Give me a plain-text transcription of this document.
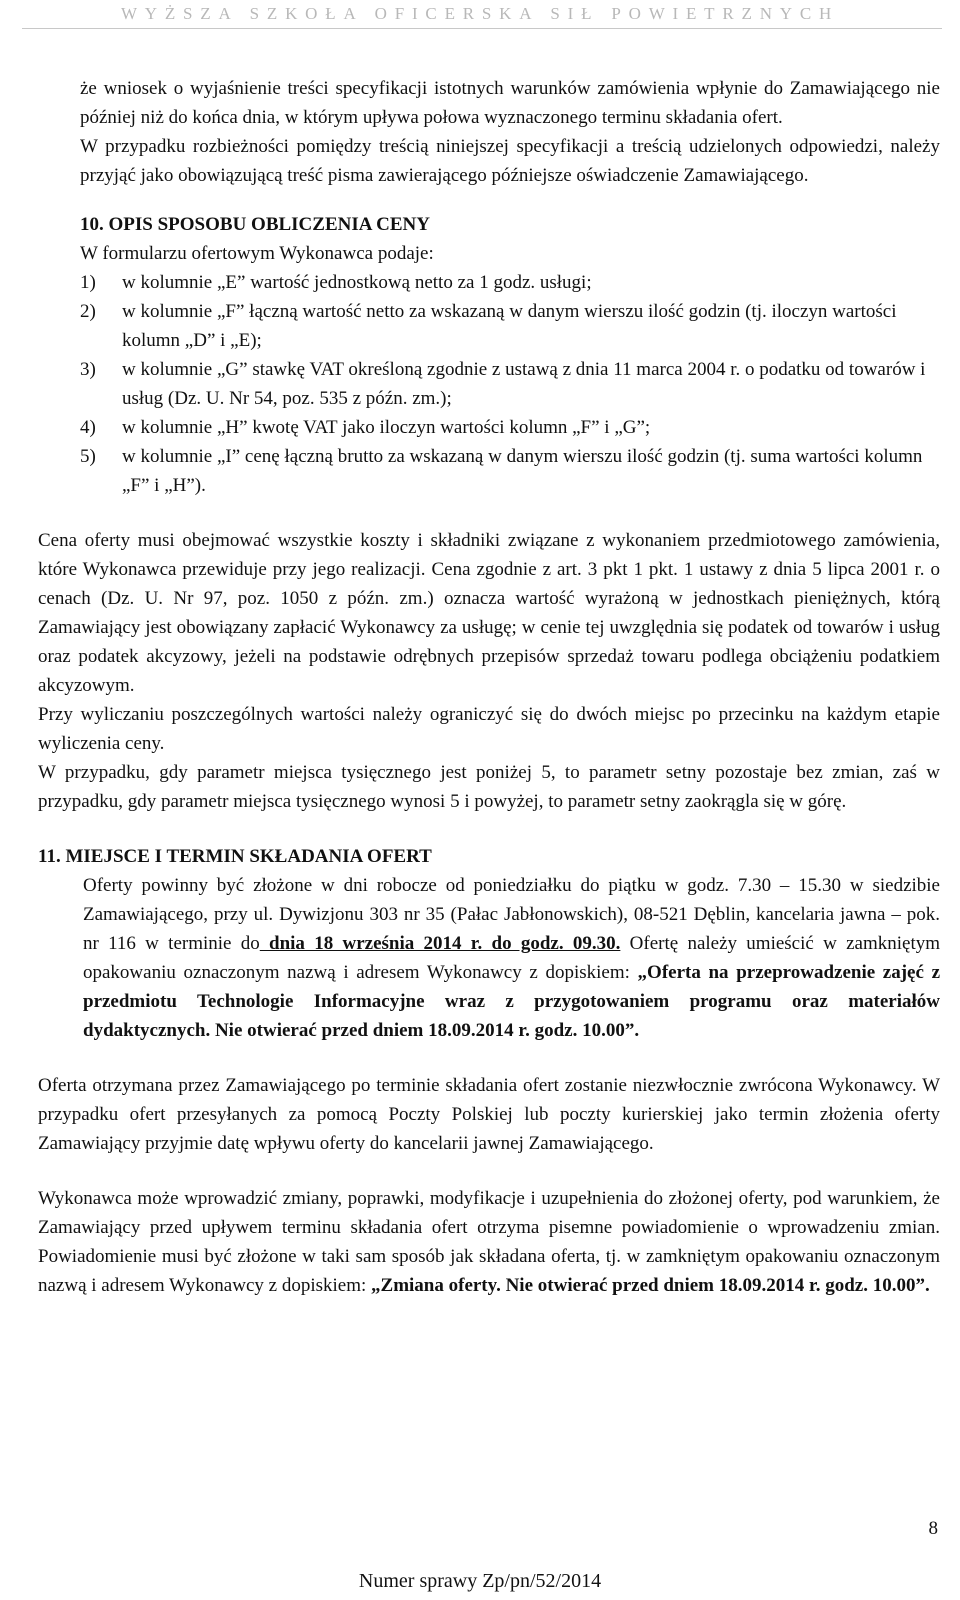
WYŻSZA SZKOŁA OFICERSKA SIŁ POWIETRZNYCH

że wniosek o wyjaśnienie treści specyfikacji istotnych warunków zamówienia wpłynie do Zamawiającego nie później niż do końca dnia, w którym upływa połowa wyznaczonego terminu składania ofert.

W przypadku rozbieżności pomiędzy treścią niniejszej specyfikacji a treścią udzielonych odpowiedzi, należy przyjąć jako obowiązującą treść pisma zawierającego późniejsze oświadczenie Zamawiającego.

10. OPIS SPOSOBU OBLICZENIA CENY

W formularzu ofertowym Wykonawca podaje:

1) w kolumnie „E” wartość jednostkową netto za 1 godz. usługi;
2) w kolumnie „F” łączną wartość netto za wskazaną w danym wierszu ilość godzin (tj. iloczyn wartości kolumn „D” i „E);
3) w kolumnie „G” stawkę VAT określoną zgodnie z ustawą z dnia 11 marca 2004 r. o podatku od towarów i usług (Dz. U. Nr 54, poz. 535 z późn. zm.);
4) w kolumnie „H” kwotę VAT jako iloczyn wartości kolumn „F” i „G”;
5) w kolumnie „I” cenę łączną brutto za wskazaną w danym wierszu ilość godzin (tj. suma wartości kolumn „F” i „H”).

Cena oferty musi obejmować wszystkie koszty i składniki związane z wykonaniem przedmiotowego zamówienia, które Wykonawca przewiduje przy jego realizacji. Cena zgodnie z art. 3 pkt 1 pkt. 1 ustawy z dnia 5 lipca 2001 r. o cenach (Dz. U. Nr 97, poz. 1050 z późn. zm.) oznacza wartość wyrażoną w jednostkach pieniężnych, którą Zamawiający jest obowiązany zapłacić Wykonawcy za usługę; w cenie tej uwzględnia się podatek od towarów i usług oraz podatek akcyzowy, jeżeli na podstawie odrębnych przepisów sprzedaż towaru podlega obciążeniu podatkiem akcyzowym.

Przy wyliczaniu poszczególnych wartości należy ograniczyć się do dwóch miejsc po przecinku na każdym etapie wyliczenia ceny.

W przypadku, gdy parametr miejsca tysięcznego jest poniżej 5, to parametr setny pozostaje bez zmian, zaś w przypadku, gdy parametr miejsca tysięcznego wynosi 5 i powyżej, to parametr setny zaokrągla się w górę.

11. MIEJSCE I TERMIN SKŁADANIA OFERT

Oferty powinny być złożone w dni robocze od poniedziałku do piątku w godz. 7.30 – 15.30 w siedzibie Zamawiającego, przy ul. Dywizjonu 303 nr 35 (Pałac Jabłonowskich), 08-521 Dęblin, kancelaria jawna – pok. nr 116 w terminie do dnia 18 września 2014 r. do godz. 09.30. Ofertę należy umieścić w zamkniętym opakowaniu oznaczonym nazwą i adresem Wykonawcy z dopiskiem: „Oferta na przeprowadzenie zajęć z przedmiotu Technologie Informacyjne wraz z przygotowaniem programu oraz materiałów dydaktycznych. Nie otwierać przed dniem 18.09.2014 r. godz. 10.00”.

Oferta otrzymana przez Zamawiającego po terminie składania ofert zostanie niezwłocznie zwrócona Wykonawcy. W przypadku ofert przesyłanych za pomocą Poczty Polskiej lub poczty kurierskiej jako termin złożenia oferty Zamawiający przyjmie datę wpływu oferty do kancelarii jawnej Zamawiającego.

Wykonawca może wprowadzić zmiany, poprawki, modyfikacje i uzupełnienia do złożonej oferty, pod warunkiem, że Zamawiający przed upływem terminu składania ofert otrzyma pisemne powiadomienie o wprowadzeniu zmian. Powiadomienie musi być złożone w taki sam sposób jak składana oferta, tj. w zamkniętym opakowaniu oznaczonym nazwą i adresem Wykonawcy z dopiskiem: „Zmiana oferty. Nie otwierać przed dniem 18.09.2014 r. godz. 10.00”.

8
Numer sprawy Zp/pn/52/2014
